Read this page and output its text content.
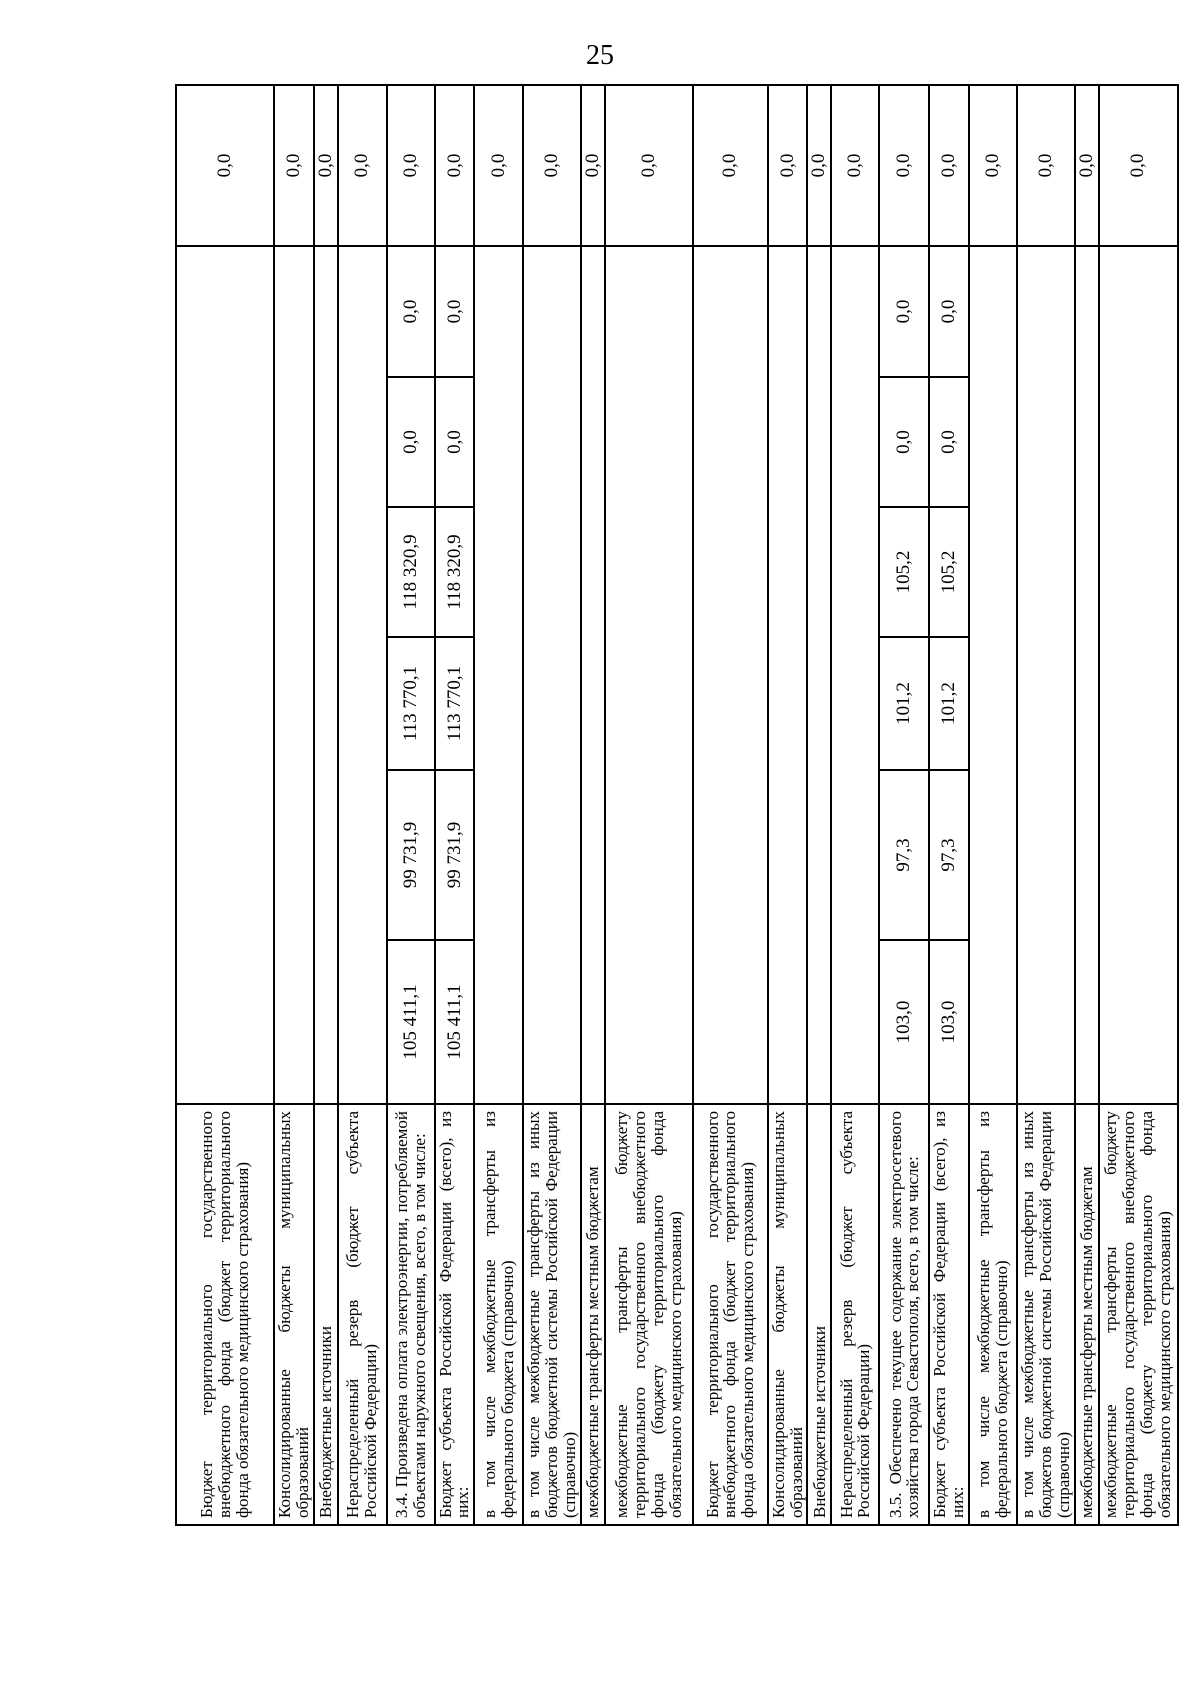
25
Бюджет территориального государственного внебюджетного фонда (бюджет территориального фонда обязательного медицинского страхования)							0,0	
Консолидированные бюджеты муниципальных образований							0,0	
Внебюджетные источники							0,0	
Нераспределенный резерв (бюджет субъекта Российской Федерации)							0,0	
3.4. Произведена оплата электроэнергии, потребляемой объектами наружного освещения, всего, в том числе:	105 411,1	99 731,9	113 770,1	118 320,9	0,0	0,0	0,0	
Бюджет субъекта Российской Федерации (всего), из них:	105 411,1	99 731,9	113 770,1	118 320,9	0,0	0,0	0,0	
в том числе межбюджетные трансферты из федерального бюджета (справочно)							0,0	
в том числе межбюджетные трансферты из иных бюджетов бюджетной системы Российской Федерации (справочно)							0,0	
межбюджетные трансферты местным бюджетам							0,0	
межбюджетные трансферты бюджету территориального государственного внебюджетного фонда (бюджету территориального фонда обязательного медицинского страхования)							0,0	
Бюджет территориального государственного внебюджетного фонда (бюджет территориального фонда обязательного медицинского страхования)							0,0	
Консолидированные бюджеты муниципальных образований							0,0	
Внебюджетные источники							0,0	
Нераспределенный резерв (бюджет субъекта Российской Федерации)							0,0	
3.5. Обеспечено текущее содержание электросетевого хозяйства города Севастополя, всего, в том числе:	103,0	97,3	101,2	105,2	0,0	0,0	0,0	
Бюджет субъекта Российской Федерации (всего), из них:	103,0	97,3	101,2	105,2	0,0	0,0	0,0	
в том числе межбюджетные трансферты из федерального бюджета (справочно)							0,0	
в том числе межбюджетные трансферты из иных бюджетов бюджетной системы Российской Федерации (справочно)							0,0	
межбюджетные трансферты местным бюджетам							0,0	
межбюджетные трансферты бюджету территориального государственного внебюджетного фонда (бюджету территориального фонда обязательного медицинского страхования)							0,0	
